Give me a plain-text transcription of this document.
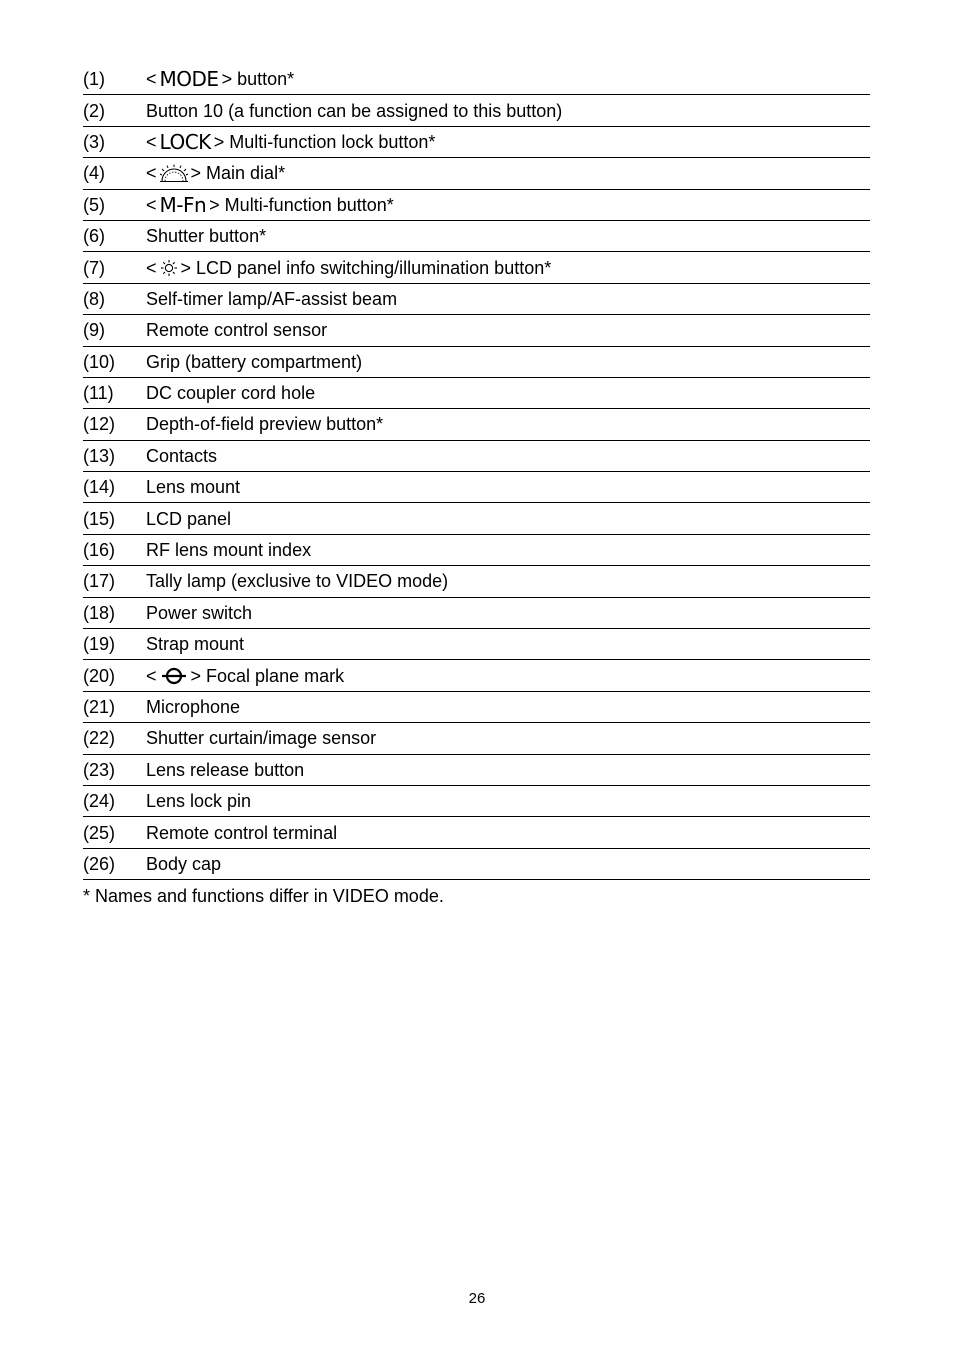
(1)	< MODE > button*
(2)	Button 10 (a function can be assigned to this button)
(3)	< LOCK > Multi-function lock button*
(4)	< > Main dial*
(5)	< M-Fn > Multi-function button*
(6)	Shutter button*
(7)	< > LCD panel info switching/illumination button*
(8)	Self-timer lamp/AF-assist beam
(9)	Remote control sensor
(10)	Grip (battery compartment)
(11)	DC coupler cord hole
(12)	Depth-of-field preview button*
(13)	Contacts
(14)	Lens mount
(15)	LCD panel
(16)	RF lens mount index
(17)	Tally lamp (exclusive to VIDEO mode)
(18)	Power switch
(19)	Strap mount
(20)	< > Focal plane mark
(21)	Microphone
(22)	Shutter curtain/image sensor
(23)	Lens release button
(24)	Lens lock pin
(25)	Remote control terminal
(26)	Body cap
* Names and functions differ in VIDEO mode.
26
